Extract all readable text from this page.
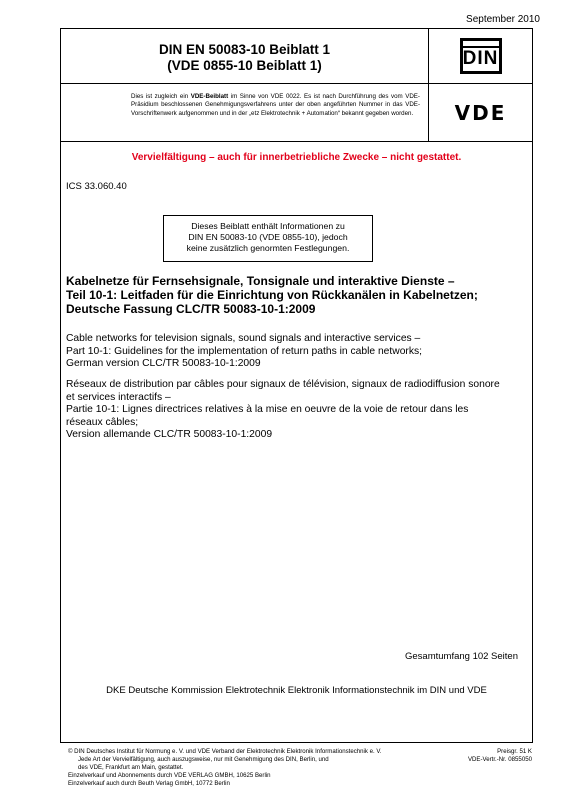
September 2010
DIN EN 50083-10 Beiblatt 1
(VDE 0855-10 Beiblatt 1)	DIN
Dies ist zugleich ein VDE-Beiblatt im Sinne von VDE 0022. Es ist nach Durchführung des vom VDE-Präsidium beschlossenen Genehmigungsverfahrens unter der oben angeführten Nummer in das VDE-Vorschriftenwerk aufgenommen und in der „etz Elektrotechnik + Automation“ bekannt gegeben worden.	VDE
Vervielfältigung – auch für innerbetriebliche Zwecke – nicht gestattet.
ICS 33.060.40
Dieses Beiblatt enthält Informationen zu
DIN EN 50083-10 (VDE 0855-10), jedoch
keine zusätzlich genormten Festlegungen.
Kabelnetze für Fernsehsignale, Tonsignale und interaktive Dienste –
Teil 10-1: Leitfaden für die Einrichtung von Rückkanälen in Kabelnetzen;
Deutsche Fassung CLC/TR 50083-10-1:2009
Cable networks for television signals, sound signals and interactive services –
Part 10-1: Guidelines for the implementation of return paths in cable networks;
German version CLC/TR 50083-10-1:2009
Réseaux de distribution par câbles pour signaux de télévision, signaux de radiodiffusion sonore
et services interactifs –
Partie 10-1: Lignes directrices relatives à la mise en oeuvre de la voie de retour dans les
réseaux câbles;
Version allemande CLC/TR 50083-10-1:2009
Gesamtumfang 102 Seiten
DKE Deutsche Kommission Elektrotechnik Elektronik Informationstechnik im DIN und VDE
© DIN Deutsches Institut für Normung e. V. und VDE Verband der Elektrotechnik Elektronik Informationstechnik e. V.
Jede Art der Vervielfältigung, auch auszugsweise, nur mit Genehmigung des DIN, Berlin, und
des VDE, Frankfurt am Main, gestattet.
Einzelverkauf und Abonnements durch VDE VERLAG GMBH, 10625 Berlin
Einzelverkauf auch durch Beuth Verlag GmbH, 10772 Berlin
Preisgr. 51 K
VDE-Vertr.-Nr. 0855050
